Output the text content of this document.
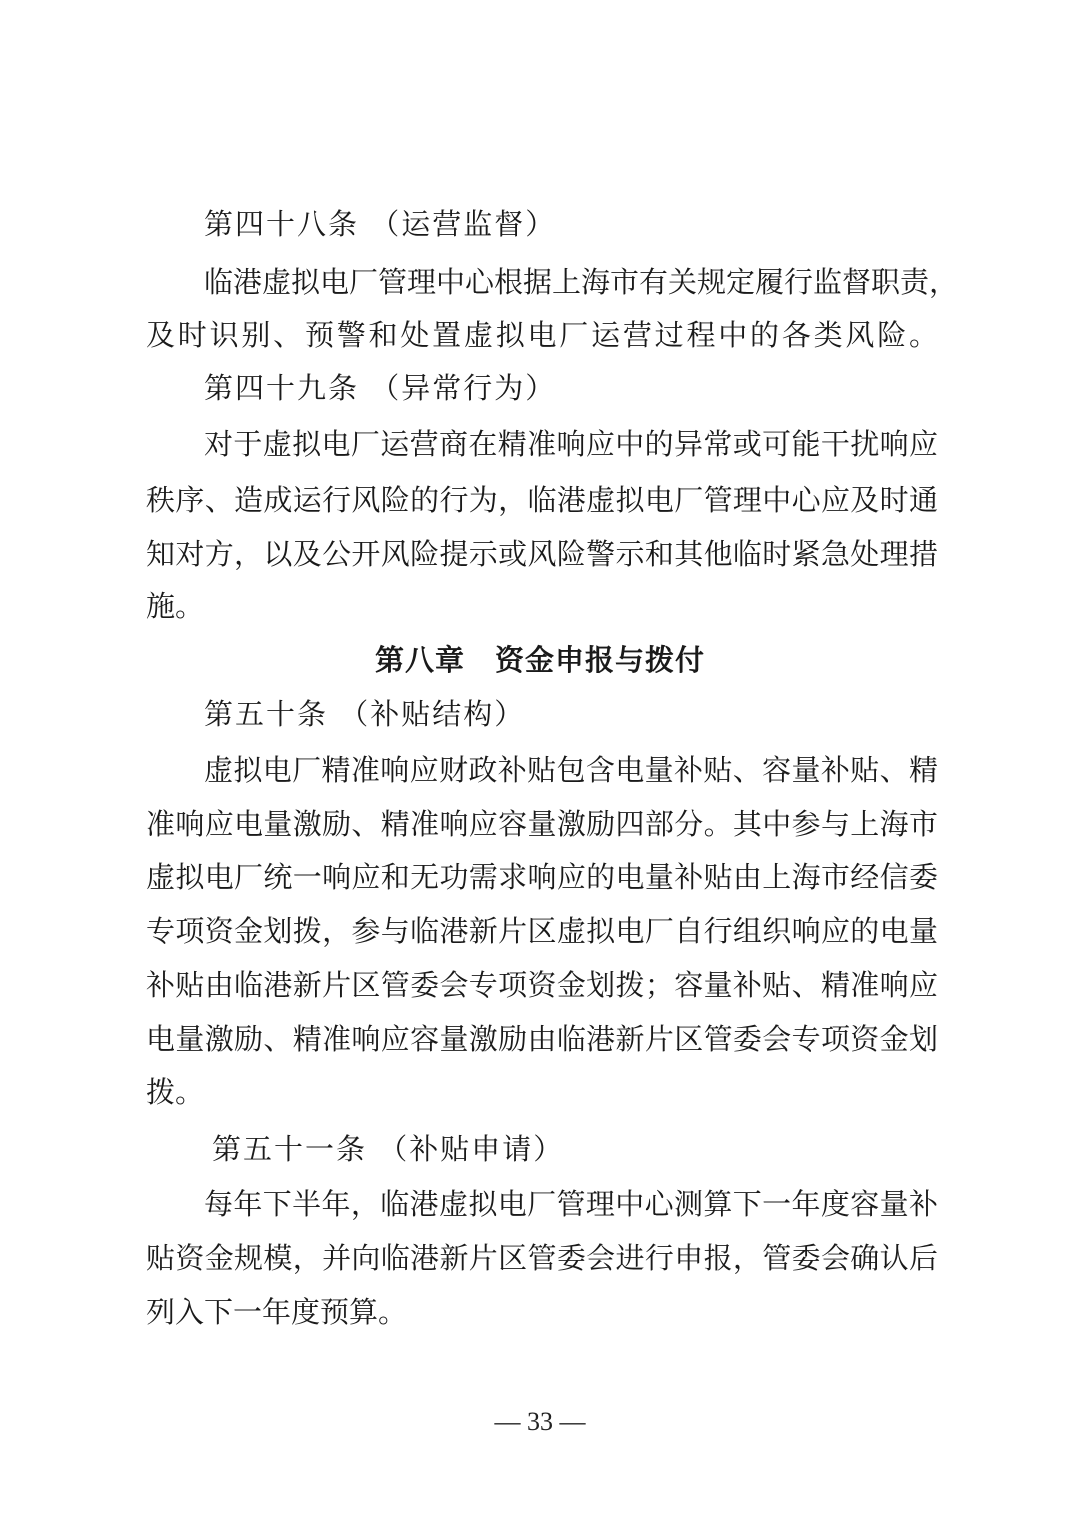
第四十八条 （运营监督）
临港虚拟电厂管理中心根据上海市有关规定履行监督职责，
及时识别、预警和处置虚拟电厂运营过程中的各类风险。
第四十九条 （异常行为）
对于虚拟电厂运营商在精准响应中的异常或可能干扰响应
秩序、造成运行风险的行为，临港虚拟电厂管理中心应及时通
知对方，以及公开风险提示或风险警示和其他临时紧急处理措
施。
第八章　资金申报与拨付
第五十条 （补贴结构）
虚拟电厂精准响应财政补贴包含电量补贴、容量补贴、精
准响应电量激励、精准响应容量激励四部分。其中参与上海市
虚拟电厂统一响应和无功需求响应的电量补贴由上海市经信委
专项资金划拨，参与临港新片区虚拟电厂自行组织响应的电量
补贴由临港新片区管委会专项资金划拨；容量补贴、精准响应
电量激励、精准响应容量激励由临港新片区管委会专项资金划
拨。
第五十一条 （补贴申请）
每年下半年，临港虚拟电厂管理中心测算下一年度容量补
贴资金规模，并向临港新片区管委会进行申报，管委会确认后
列入下一年度预算。
— 33 —
